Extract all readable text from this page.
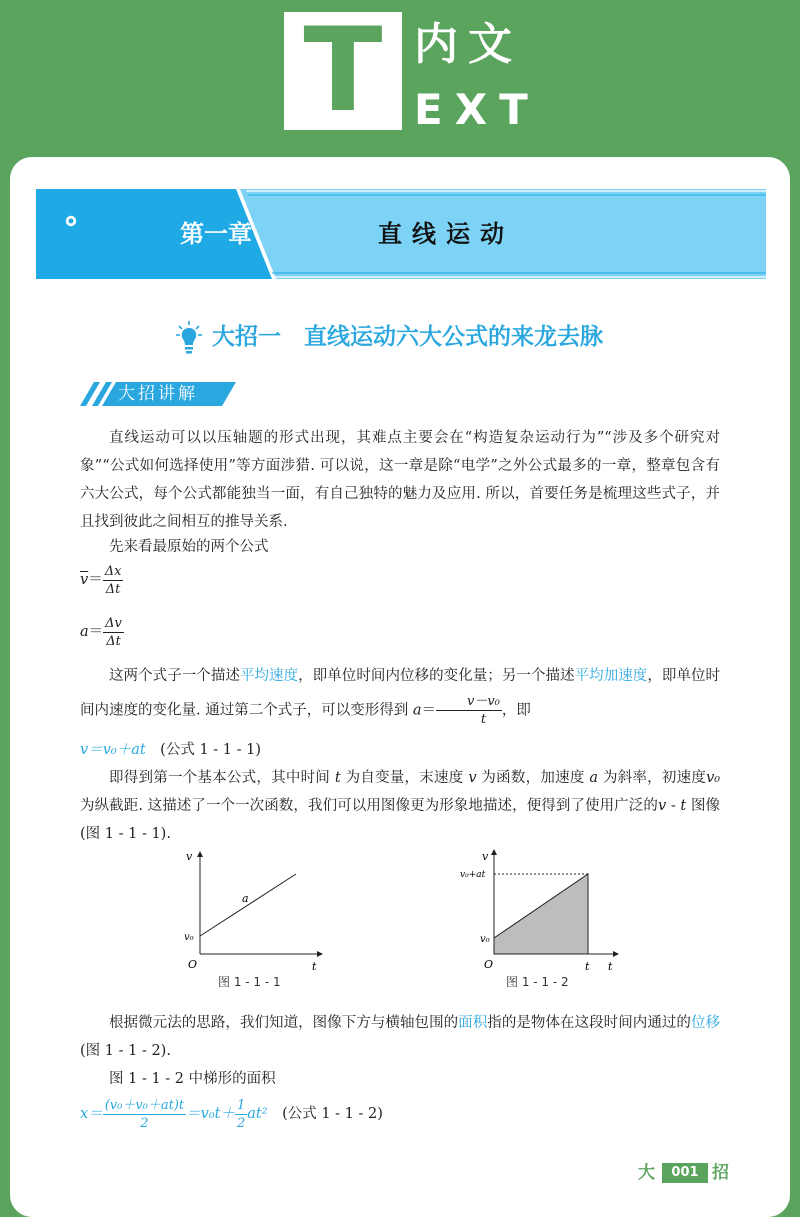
T 内文
EXT
第一章	直线运动
大招一　直线运动六大公式的来龙去脉
大招讲解
直线运动可以以压轴题的形式出现，其难点主要会在“构造复杂运动行为”“涉及多个研究对象”“公式如何选择使用”等方面涉猎. 可以说，这一章是除“电学”之外公式最多的一章，整章包含有六大公式，每个公式都能独当一面，有自己独特的魅力及应用. 所以，首要任务是梳理这些式子，并且找到彼此之间相互的推导关系.
先来看最原始的两个公式
$\overline{v}= \frac{\Delta x}{\Delta t}$
$a= \frac{\Delta v}{\Delta t}$
这两个式子一个描述平均速度，即单位时间内位移的变化量；另一个描述平均加速度，即单位时间内速度的变化量. 通过第二个式子，可以变形得到 $a= \frac{\text{v－v₀}}{t}$ ，即
v＝v₀＋at　 (公式 1 - 1 - 1)
即得到第一个基本公式，其中时间 t 为自变量，末速度 v 为函数，加速度 a 为斜率，初速度v₀ 为纵截距. 这描述了一个一次函数，我们可以用图像更为形象地描述，便得到了使用广泛的v - t 图像(图 1 - 1 - 1).
v
t
O
v₀
a
图 1 - 1 - 1
v
t
t
O
v₀
v₀+at
图 1 - 1 - 2
根据微元法的思路，我们知道，图像下方与横轴包围的面积指的是物体在这段时间内通过的位移(图 1 - 1 - 2).
图 1 - 1 - 2 中梯形的面积
$x= \frac{\text{(v₀＋v₀＋at)t}}{2} =v_0t+ \frac{1}{2} at^2$　 (公式 1 - 1 - 2)
大	001 招
